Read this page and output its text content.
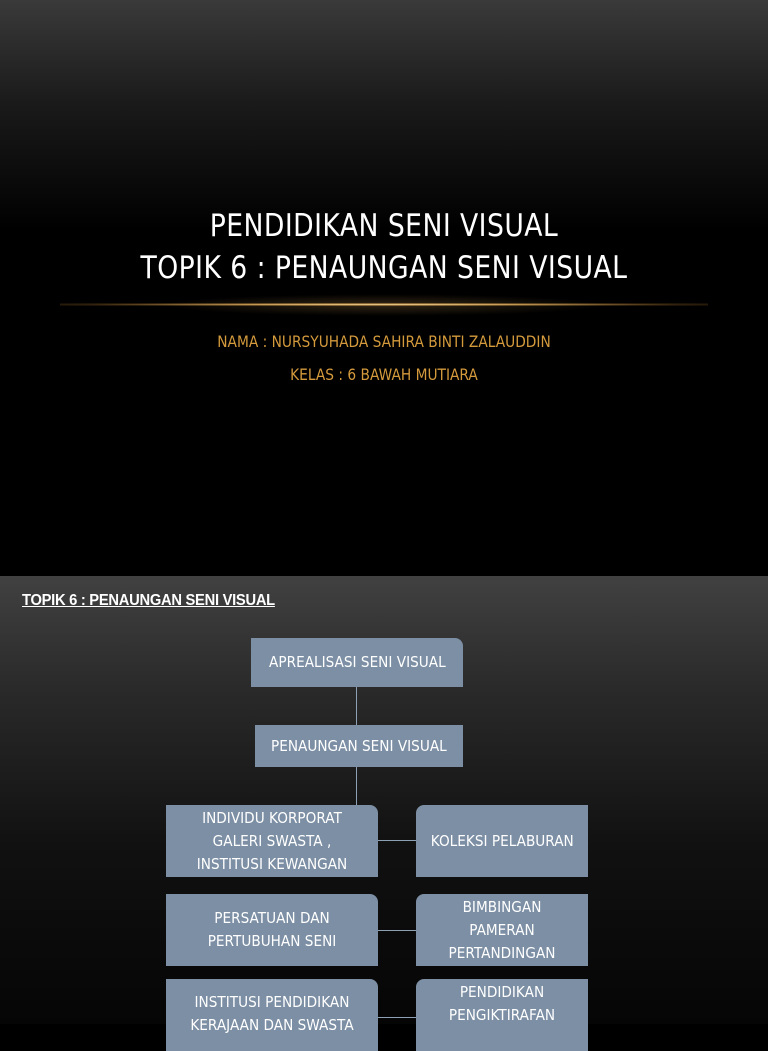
PENDIDIKAN SENI VISUAL
TOPIK 6 : PENAUNGAN SENI VISUAL
NAMA : NURSYUHADA SAHIRA BINTI ZALAUDDIN
KELAS : 6 BAWAH MUTIARA
TOPIK 6 : PENAUNGAN SENI VISUAL
APREALISASI SENI VISUAL
PENAUNGAN SENI VISUAL
INDIVIDU KORPORAT GALERI SWASTA , INSTITUSI KEWANGAN
KOLEKSI PELABURAN
PERSATUAN DAN PERTUBUHAN SENI
BIMBINGAN PAMERAN PERTANDINGAN
INSTITUSI PENDIDIKAN KERAJAAN DAN SWASTA
PENDIDIKAN PENGIKTIRAFAN
